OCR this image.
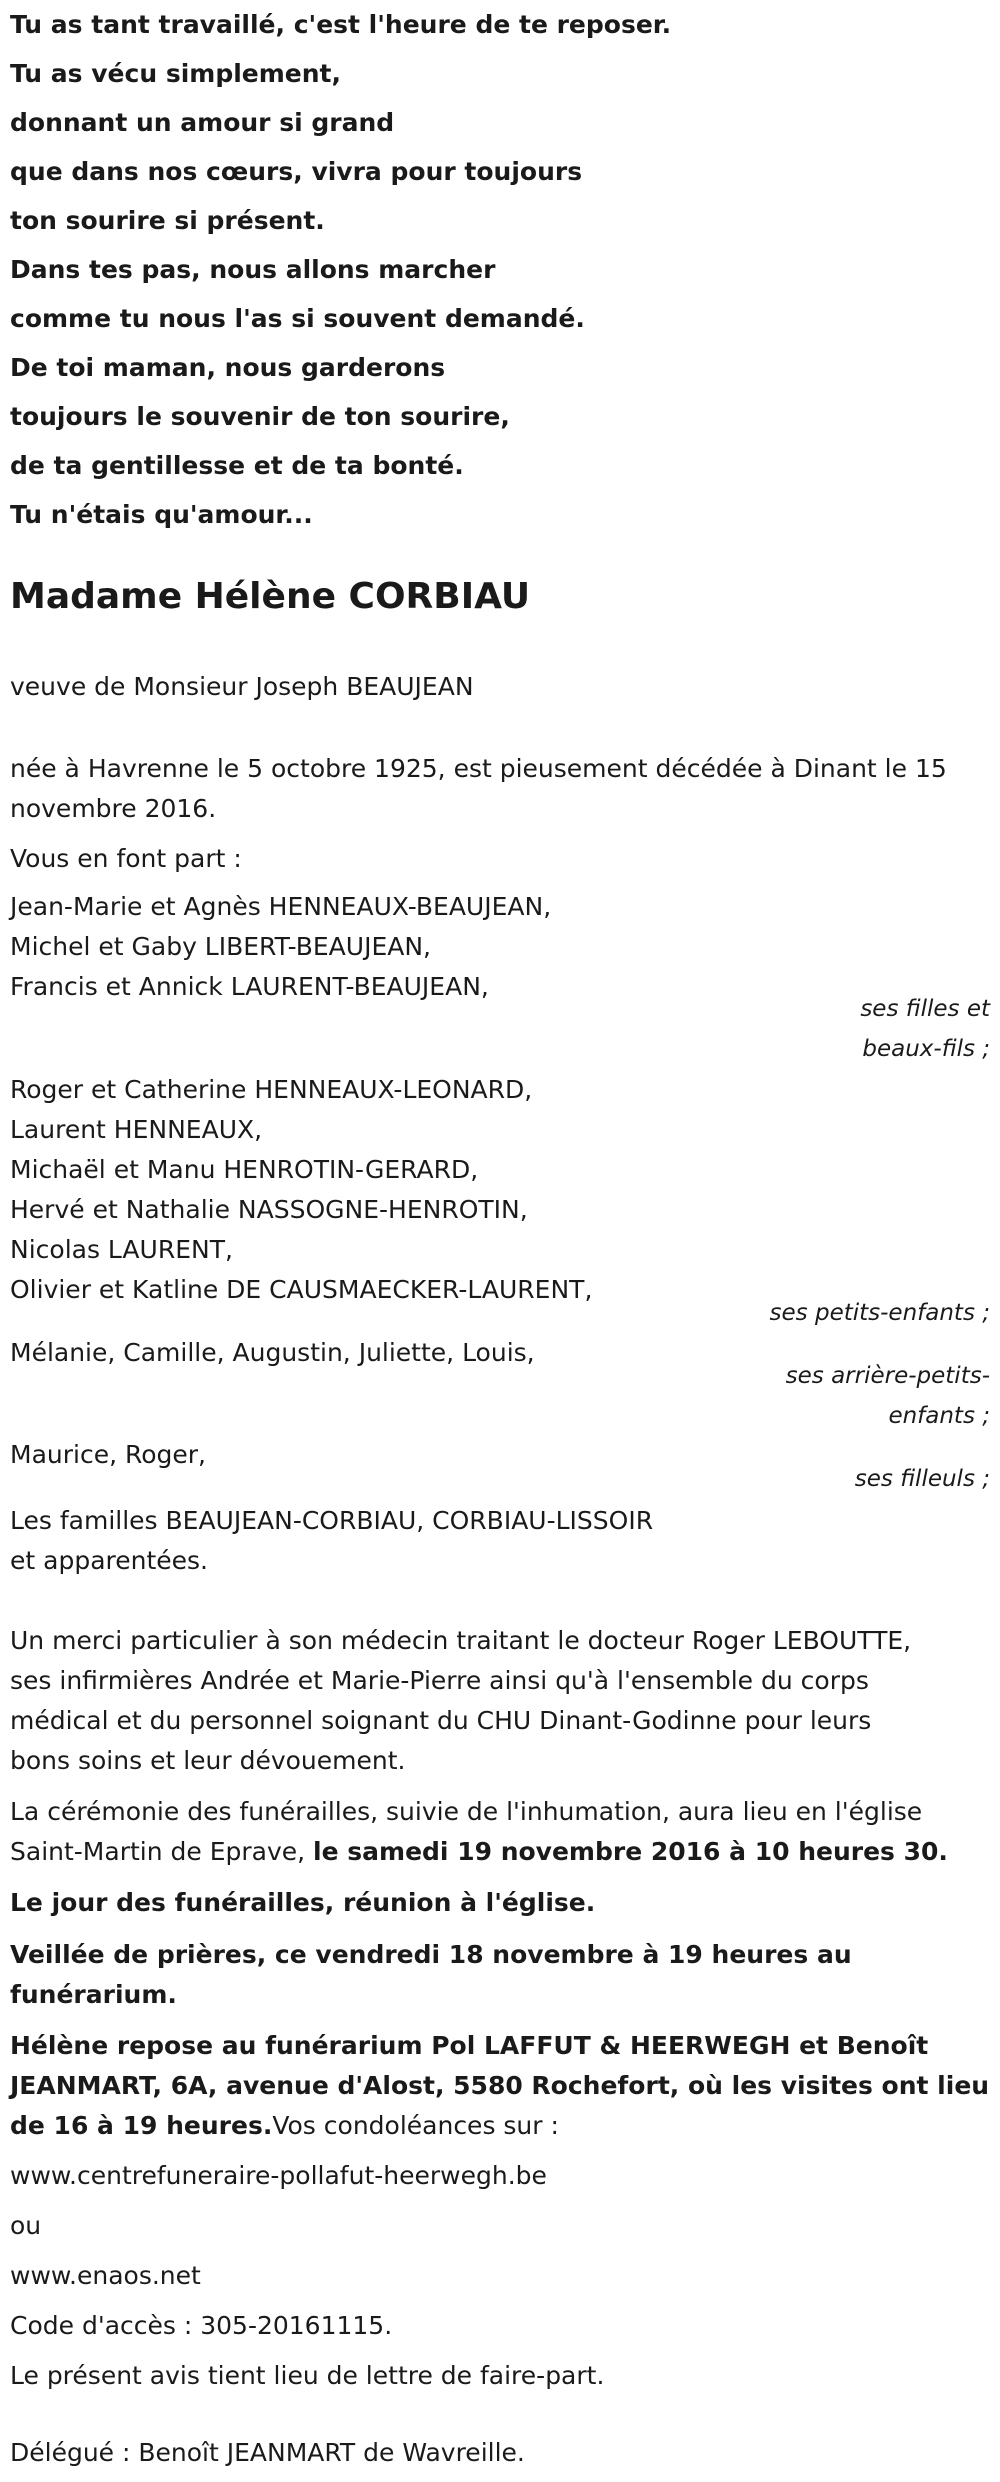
Tu as tant travaillé, c'est l'heure de te reposer.
Tu as vécu simplement,
donnant un amour si grand
que dans nos cœurs, vivra pour toujours
ton sourire si présent.
Dans tes pas, nous allons marcher
comme tu nous l'as si souvent demandé.
De toi maman, nous garderons
toujours le souvenir de ton sourire,
de ta gentillesse et de ta bonté.
Tu n'étais qu'amour...
Madame Hélène CORBIAU
veuve de Monsieur Joseph BEAUJEAN
née à Havrenne le 5 octobre 1925, est pieusement décédée à Dinant le 15
novembre 2016.
Vous en font part :
Jean-Marie et Agnès HENNEAUX-BEAUJEAN,
Michel et Gaby LIBERT-BEAUJEAN,
Francis et Annick LAURENT-BEAUJEAN,
ses filles et
beaux-fils ;
Roger et Catherine HENNEAUX-LEONARD,
Laurent HENNEAUX,
Michaël et Manu HENROTIN-GERARD,
Hervé et Nathalie NASSOGNE-HENROTIN,
Nicolas LAURENT,
Olivier et Katline DE CAUSMAECKER-LAURENT,
ses petits-enfants ;
Mélanie, Camille, Augustin, Juliette, Louis,
ses arrière-petits-
enfants ;
Maurice, Roger,
ses filleuls ;
Les familles BEAUJEAN-CORBIAU, CORBIAU-LISSOIR
et apparentées.
Un merci particulier à son médecin traitant le docteur Roger LEBOUTTE,
ses infirmières Andrée et Marie-Pierre ainsi qu'à l'ensemble du corps
médical et du personnel soignant du CHU Dinant-Godinne pour leurs
bons soins et leur dévouement.
La cérémonie des funérailles, suivie de l'inhumation, aura lieu en l'église
Saint-Martin de Eprave, le samedi 19 novembre 2016 à 10 heures 30.
Le jour des funérailles, réunion à l'église.
Veillée de prières, ce vendredi 18 novembre à 19 heures au
funérarium.
Hélène repose au funérarium Pol LAFFUT & HEERWEGH et Benoît
JEANMART, 6A, avenue d'Alost, 5580 Rochefort, où les visites ont lieu
de 16 à 19 heures.Vos condoléances sur :
www.centrefuneraire-pollafut-heerwegh.be
ou
www.enaos.net
Code d'accès : 305-20161115.
Le présent avis tient lieu de lettre de faire-part.
Délégué : Benoît JEANMART de Wavreille.
